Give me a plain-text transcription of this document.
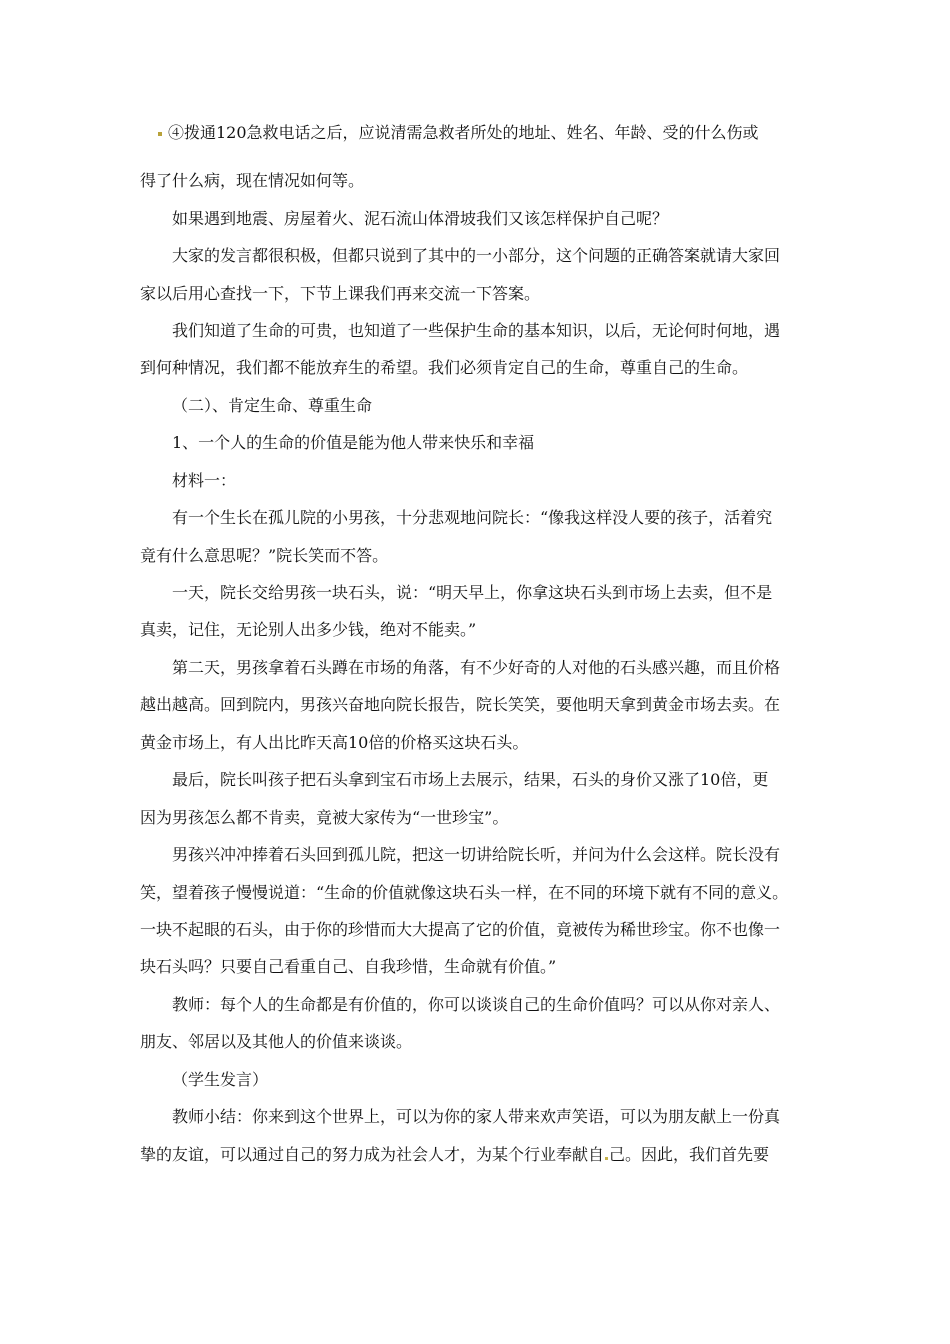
④拨通120急救电话之后，应说清需急救者所处的地址、姓名、年龄、受的什么伤或
得了什么病，现在情况如何等。
如果遇到地震、房屋着火、泥石流山体滑坡我们又该怎样保护自己呢？
大家的发言都很积极，但都只说到了其中的一小部分，这个问题的正确答案就请大家回
家以后用心查找一下，下节上课我们再来交流一下答案。
我们知道了生命的可贵，也知道了一些保护生命的基本知识，以后，无论何时何地，遇
到何种情况，我们都不能放弃生的希望。我们必须肯定自己的生命，尊重自己的生命。
（二）、肯定生命、尊重生命
1、一个人的生命的价值是能为他人带来快乐和幸福
材料一：
有一个生长在孤儿院的小男孩，十分悲观地问院长：“像我这样没人要的孩子，活着究
竟有什么意思呢？”院长笑而不答。
一天，院长交给男孩一块石头，说：“明天早上，你拿这块石头到市场上去卖，但不是
真卖，记住，无论别人出多少钱，绝对不能卖。”
第二天，男孩拿着石头蹲在市场的角落，有不少好奇的人对他的石头感兴趣，而且价格
越出越高。回到院内，男孩兴奋地向院长报告，院长笑笑，要他明天拿到黄金市场去卖。在
黄金市场上，有人出比昨天高10倍的价格买这块石头。
最后，院长叫孩子把石头拿到宝石市场上去展示，结果，石头的身价又涨了10倍，更
因为男孩怎么都不肯卖，竟被大家传为“一世珍宝”。
男孩兴冲冲捧着石头回到孤儿院，把这一切讲给院长听，并问为什么会这样。院长没有
笑，望着孩子慢慢说道：“生命的价值就像这块石头一样，在不同的环境下就有不同的意义。
一块不起眼的石头，由于你的珍惜而大大提高了它的价值，竟被传为稀世珍宝。你不也像一
块石头吗？只要自己看重自己、自我珍惜，生命就有价值。”
教师：每个人的生命都是有价值的，你可以谈谈自己的生命价值吗？可以从你对亲人、
朋友、邻居以及其他人的价值来谈谈。
（学生发言）
教师小结：你来到这个世界上，可以为你的家人带来欢声笑语，可以为朋友献上一份真
挚的友谊，可以通过自己的努力成为社会人才，为某个行业奉献自 己。因此，我们首先要
